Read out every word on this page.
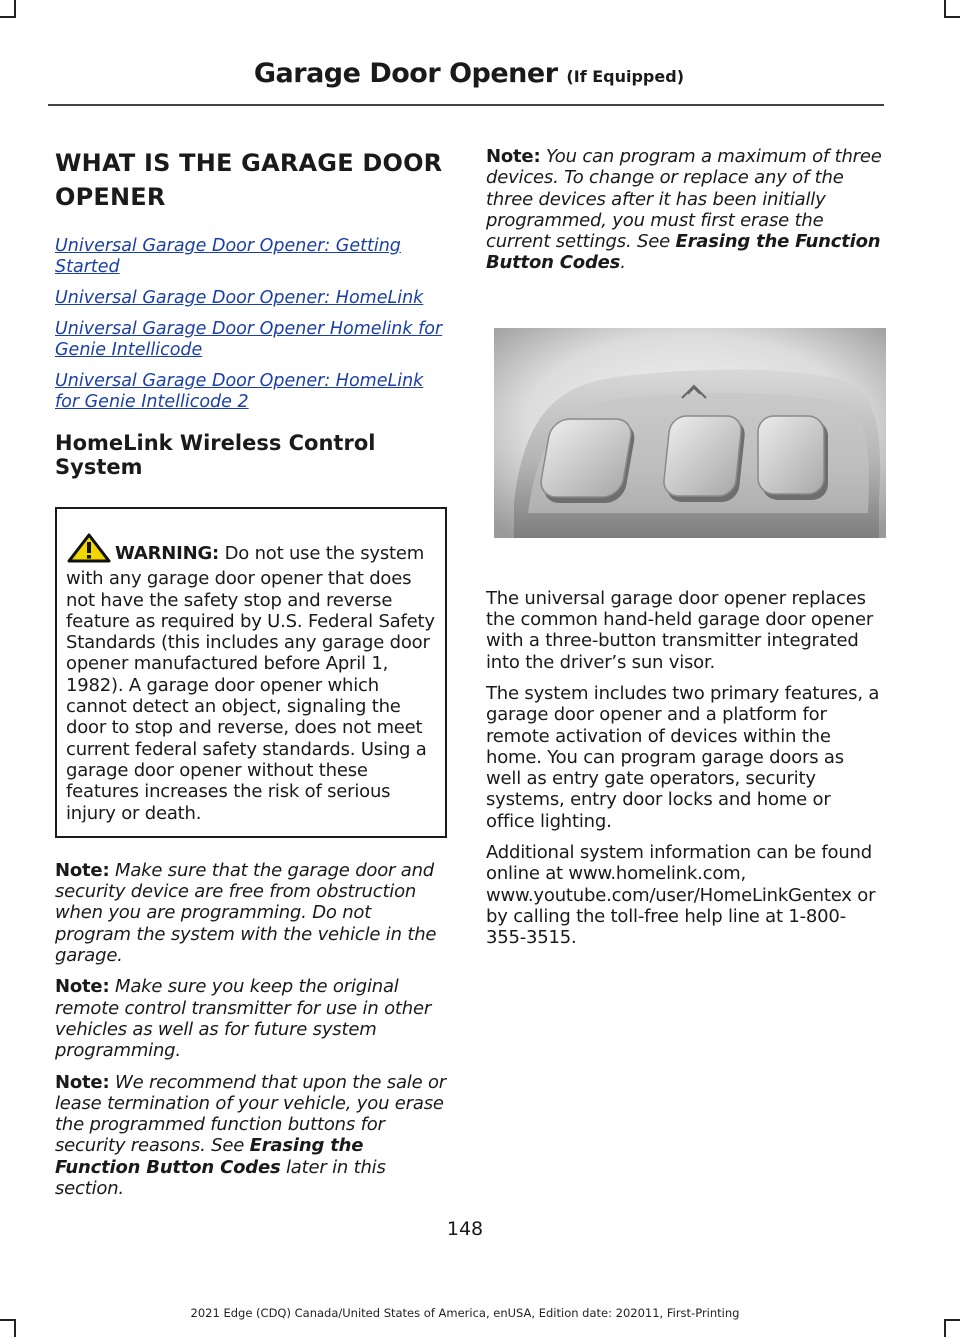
Garage Door Opener (If Equipped)
WHAT IS THE GARAGE DOOR OPENER
Universal Garage Door Opener: Getting Started
Universal Garage Door Opener: HomeLink
Universal Garage Door Opener Homelink for Genie Intellicode
Universal Garage Door Opener: HomeLink for Genie Intellicode 2
HomeLink Wireless Control System
WARNING: Do not use the system with any garage door opener that does not have the safety stop and reverse feature as required by U.S. Federal Safety Standards (this includes any garage door opener manufactured before April 1, 1982). A garage door opener which cannot detect an object, signaling the door to stop and reverse, does not meet current federal safety standards. Using a garage door opener without these features increases the risk of serious injury or death.

Note: Make sure that the garage door and security device are free from obstruction when you are programming. Do not program the system with the vehicle in the garage.

Note: Make sure you keep the original remote control transmitter for use in other vehicles as well as for future system programming.

Note: We recommend that upon the sale or lease termination of your vehicle, you erase the programmed function buttons for security reasons. See Erasing the Function Button Codes later in this section.

Note: You can program a maximum of three devices. To change or replace any of the three devices after it has been initially programmed, you must first erase the current settings. See Erasing the Function Button Codes.

The universal garage door opener replaces the common hand-held garage door opener with a three-button transmitter integrated into the driver’s sun visor.

The system includes two primary features, a garage door opener and a platform for remote activation of devices within the home. You can program garage doors as well as entry gate operators, security systems, entry door locks and home or office lighting.

Additional system information can be found online at www.homelink.com, www.youtube.com/user/HomeLinkGentex or by calling the toll-free help line at 1-800-355-3515.

148
2021 Edge (CDQ) Canada/United States of America, enUSA, Edition date: 202011, First-Printing
